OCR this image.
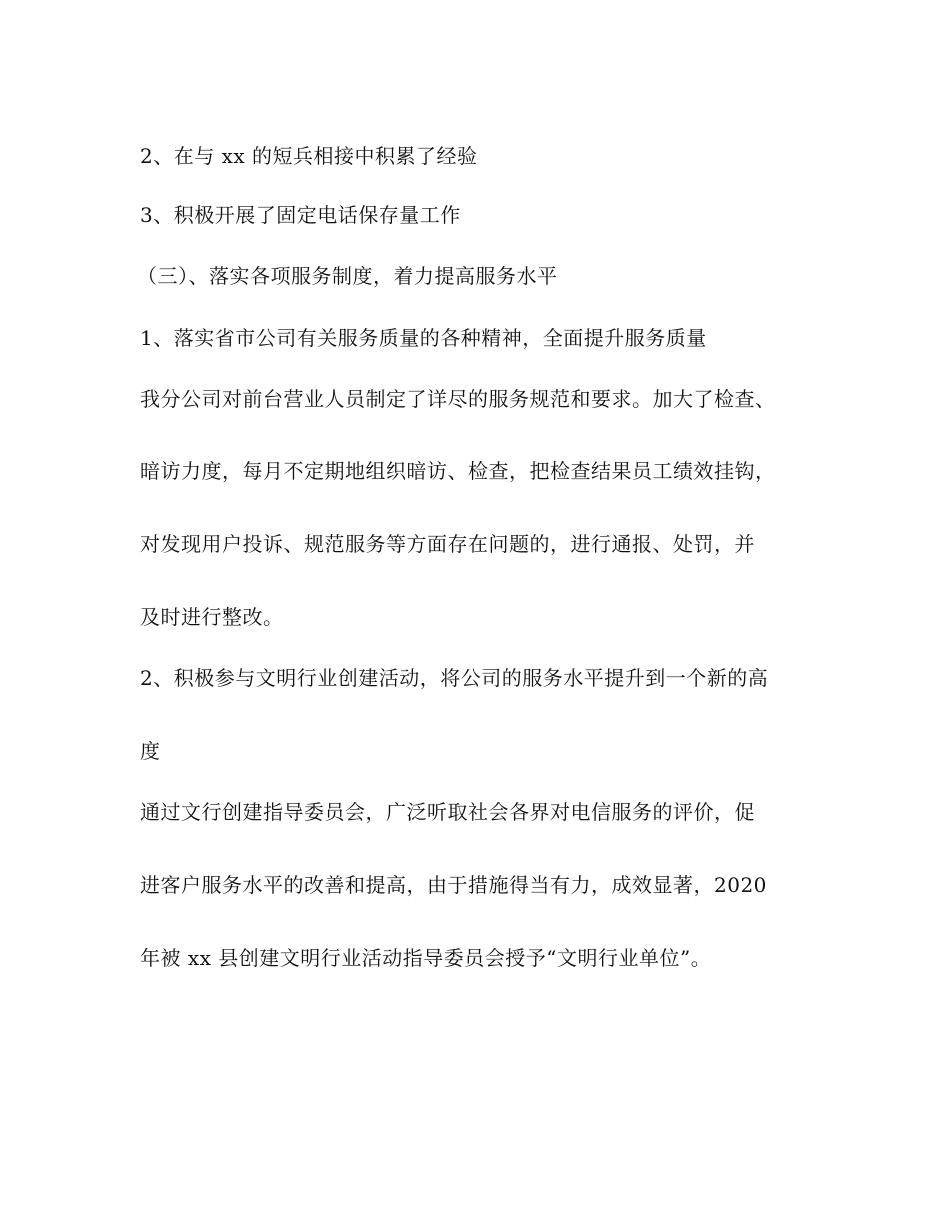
2、在与 xx 的短兵相接中积累了经验

3、积极开展了固定电话保存量工作

（三）、落实各项服务制度，着力提高服务水平

1、落实省市公司有关服务质量的各种精神，全面提升服务质量

我分公司对前台营业人员制定了详尽的服务规范和要求。加大了检查、

暗访力度，每月不定期地组织暗访、检查，把检查结果员工绩效挂钩，

对发现用户投诉、规范服务等方面存在问题的，进行通报、处罚，并

及时进行整改。

2、积极参与文明行业创建活动，将公司的服务水平提升到一个新的高

度

通过文行创建指导委员会，广泛听取社会各界对电信服务的评价，促

进客户服务水平的改善和提高，由于措施得当有力，成效显著，2020

年被 xx 县创建文明行业活动指导委员会授予“文明行业单位”。
